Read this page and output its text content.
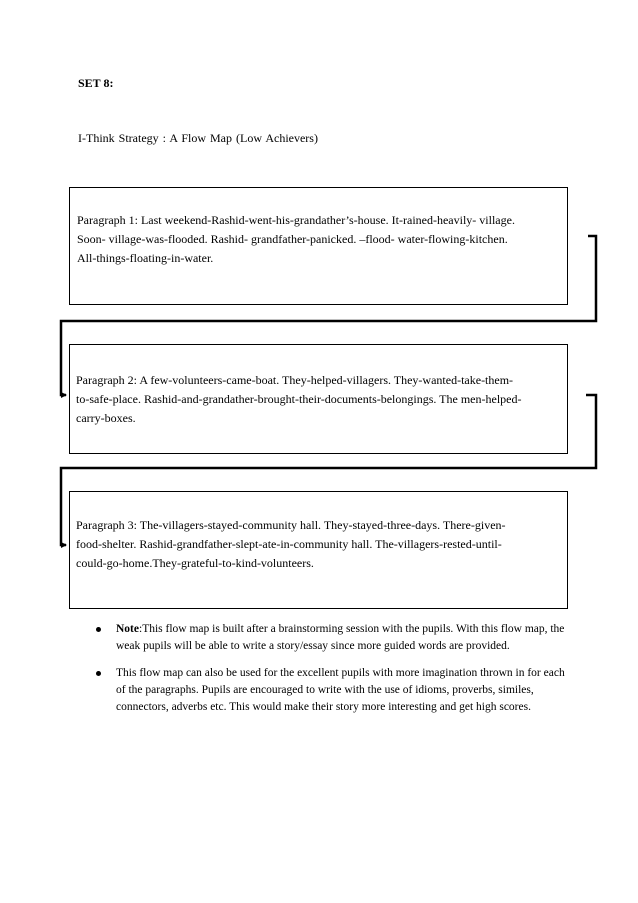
SET 8:
I-Think Strategy : A Flow Map (Low Achievers)

Paragraph 1: Last weekend-Rashid-went-his-grandather’s-house. It-rained-heavily- village.

Soon- village-was-flooded. Rashid- grandfather-panicked. –flood- water-flowing-kitchen.

All-things-floating-in-water.

Paragraph 2: A few-volunteers-came-boat. They-helped-villagers. They-wanted-take-them-

to-safe-place. Rashid-and-grandather-brought-their-documents-belongings. The men-helped-

carry-boxes.

Paragraph 3: The-villagers-stayed-community hall. They-stayed-three-days. There-given-

food-shelter. Rashid-grandfather-slept-ate-in-community hall. The-villagers-rested-until-

could-go-home.They-grateful-to-kind-volunteers.

Note:This flow map is built after a brainstorming session with the pupils. With this flow map, the weak pupils will be able to write a story/essay since more guided words are provided.
This flow map can also be used for the excellent pupils with more imagination thrown in for each of the paragraphs. Pupils are encouraged to write with the use of idioms, proverbs, similes, connectors, adverbs etc. This would make their story more interesting and get high scores.
